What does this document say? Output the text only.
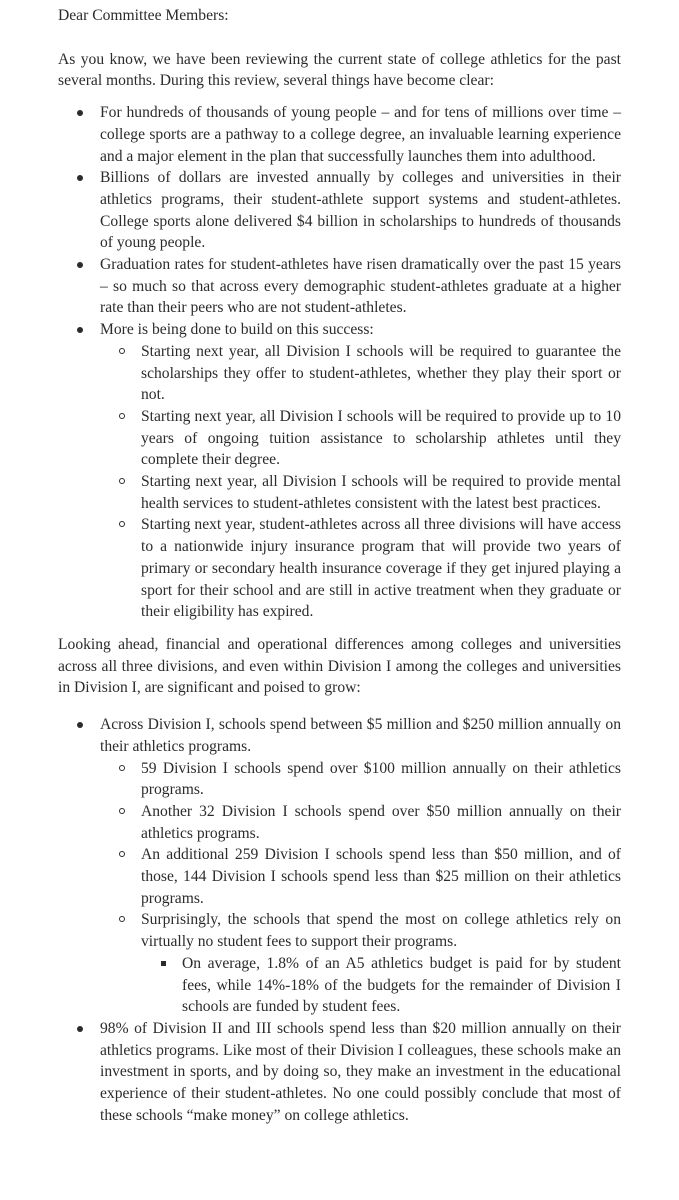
Dear Committee Members:

As you know, we have been reviewing the current state of college athletics for the past several months. During this review, several things have become clear:

For hundreds of thousands of young people – and for tens of millions over time – college sports are a pathway to a college degree, an invaluable learning experience and a major element in the plan that successfully launches them into adulthood.
Billions of dollars are invested annually by colleges and universities in their athletics programs, their student-athlete support systems and student-athletes. College sports alone delivered $4 billion in scholarships to hundreds of thousands of young people.
Graduation rates for student-athletes have risen dramatically over the past 15 years – so much so that across every demographic student-athletes graduate at a higher rate than their peers who are not student-athletes.
More is being done to build on this success:
Starting next year, all Division I schools will be required to guarantee the scholarships they offer to student-athletes, whether they play their sport or not.
Starting next year, all Division I schools will be required to provide up to 10 years of ongoing tuition assistance to scholarship athletes until they complete their degree.
Starting next year, all Division I schools will be required to provide mental health services to student-athletes consistent with the latest best practices.
Starting next year, student-athletes across all three divisions will have access to a nationwide injury insurance program that will provide two years of primary or secondary health insurance coverage if they get injured playing a sport for their school and are still in active treatment when they graduate or their eligibility has expired.

Looking ahead, financial and operational differences among colleges and universities across all three divisions, and even within Division I among the colleges and universities in Division I, are significant and poised to grow:

Across Division I, schools spend between $5 million and $250 million annually on their athletics programs.
59 Division I schools spend over $100 million annually on their athletics programs.
Another 32 Division I schools spend over $50 million annually on their athletics programs.
An additional 259 Division I schools spend less than $50 million, and of those, 144 Division I schools spend less than $25 million on their athletics programs.
Surprisingly, the schools that spend the most on college athletics rely on virtually no student fees to support their programs.
On average, 1.8% of an A5 athletics budget is paid for by student fees, while 14%-18% of the budgets for the remainder of Division I schools are funded by student fees.
98% of Division II and III schools spend less than $20 million annually on their athletics programs. Like most of their Division I colleagues, these schools make an investment in sports, and by doing so, they make an investment in the educational experience of their student-athletes. No one could possibly conclude that most of these schools “make money” on college athletics.
